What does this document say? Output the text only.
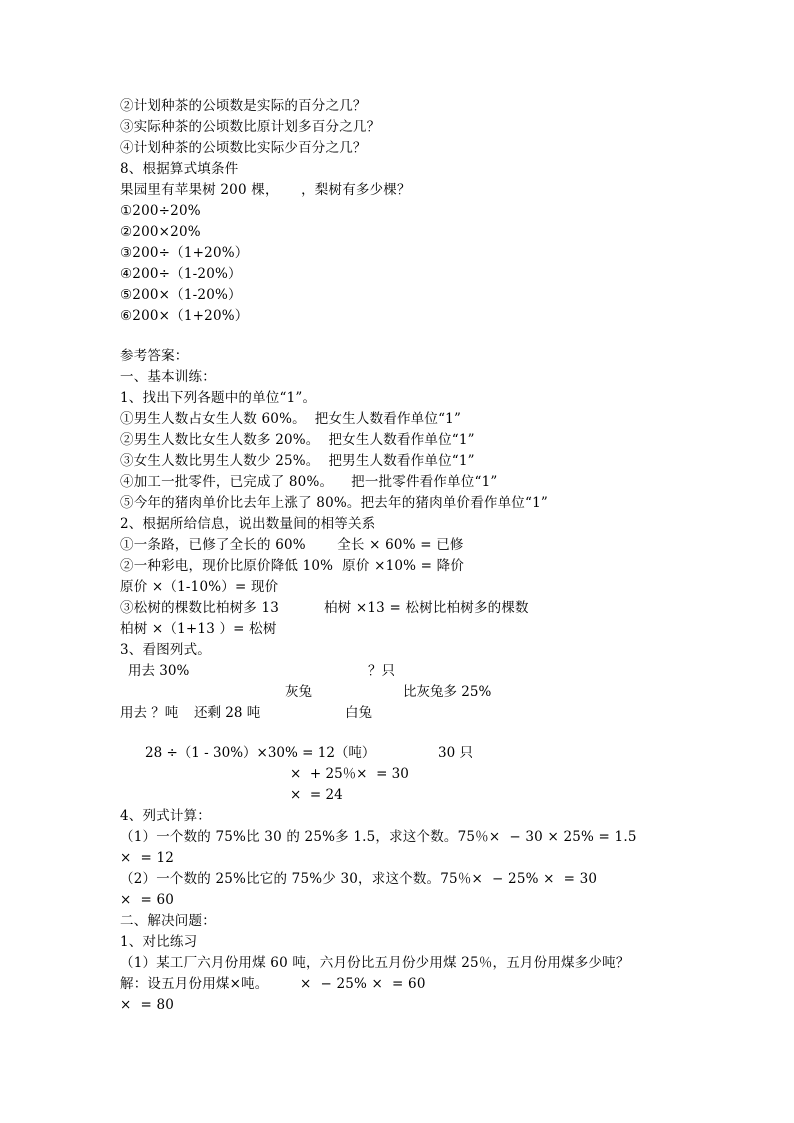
②计划种茶的公顷数是实际的百分之几？
③实际种茶的公顷数比原计划多百分之几？
④计划种茶的公顷数比实际少百分之几？
8、根据算式填条件
果园里有苹果树 200 棵，     ，梨树有多少棵？
①200÷20%
②200×20%
③200÷（1+20%）
④200÷（1-20%）
⑤200×（1-20%）
⑥200×（1+20%）
参考答案：
一、基本训练：
1、找出下列各题中的单位“1”。
①男生人数占女生人数 60%。  把女生人数看作单位“1”
②男生人数比女生人数多 20%。  把女生人数看作单位“1”
③女生人数比男生人数少 25%。  把男生人数看作单位“1”
④加工一批零件，已完成了 80%。    把一批零件看作单位“1”
⑤今年的猪肉单价比去年上涨了 80%。把去年的猪肉单价看作单位“1”
2、根据所给信息，说出数量间的相等关系
①一条路，已修了全长的 60%       全长 × 60% = 已修
②一种彩电，现价比原价降低 10%  原价 ×10% = 降价
原价 ×（1-10%）= 现价
③松树的棵数比柏树多 13          柏树 ×13 = 松树比柏树多的棵数
柏树 ×（1+13 ）= 松树
3、看图列式。
用去 30%	？只
灰兔	比灰兔多 25%
用去 ？吨 还剩 28 吨	白兔
28 ÷（1 - 30%）×30% = 12（吨）	30 只
×  + 25％×  = 30
×  = 24
4、列式计算：
（1）一个数的 75%比 30 的 25%多 1.5，求这个数。75％×  − 30 × 25% = 1.5
×  = 12
（2）一个数的 25%比它的 75%少 30，求这个数。75％×  − 25% ×  = 30
×  = 60
二、解决问题：
1、对比练习
（1）某工厂六月份用煤 60 吨，六月份比五月份少用煤 25％，五月份用煤多少吨？
解：设五月份用煤×吨。       ×  − 25% ×  = 60
×  = 80
